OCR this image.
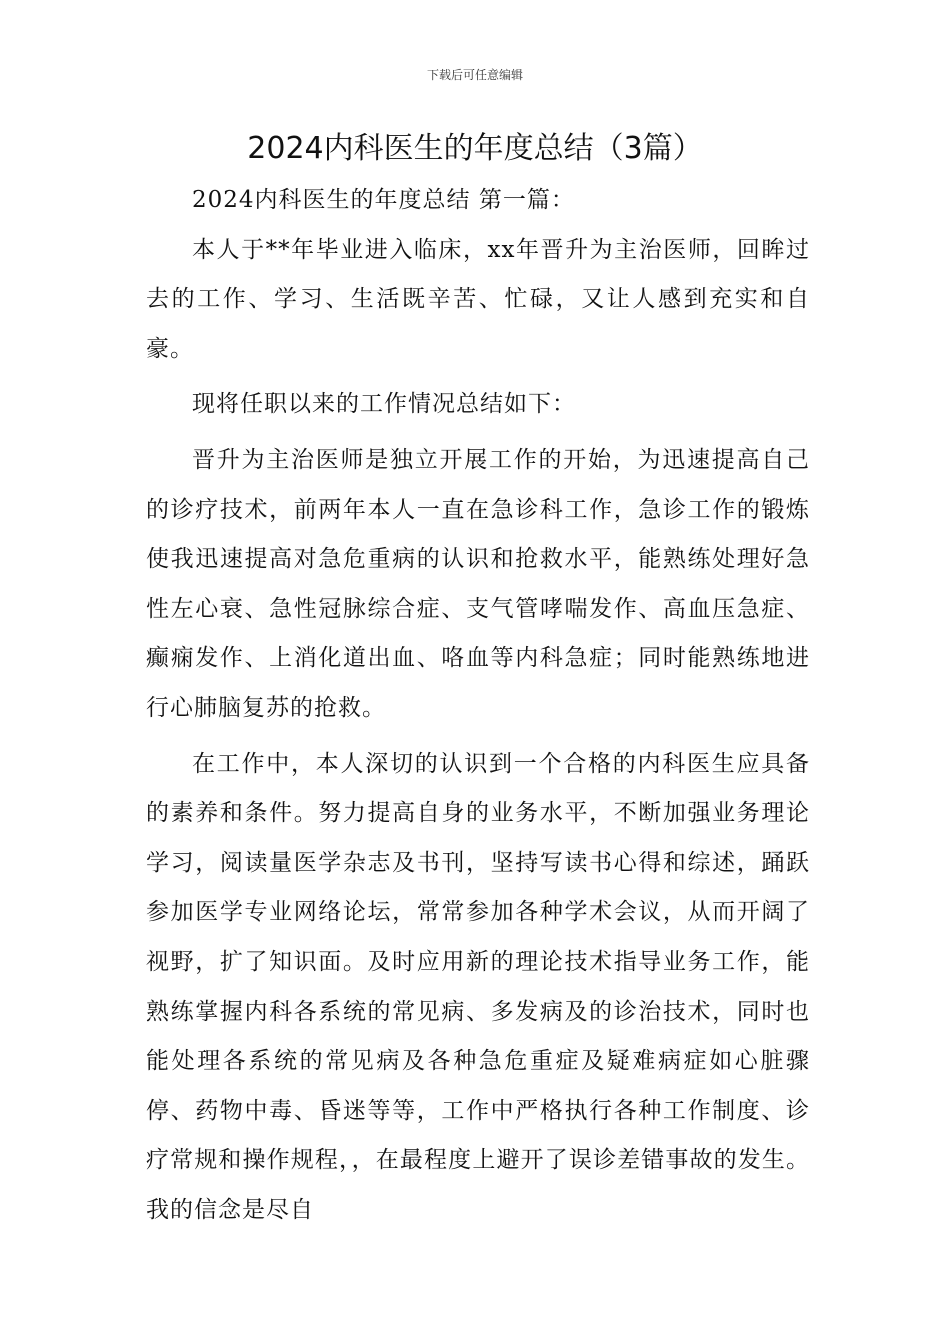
下载后可任意编辑
2024内科医生的年度总结（3篇）

2024内科医生的年度总结 第一篇：

本人于**年毕业进入临床，xx年晋升为主治医师，回眸过去的工作、学习、生活既辛苦、忙碌，又让人感到充实和自豪。

现将任职以来的工作情况总结如下：

晋升为主治医师是独立开展工作的开始，为迅速提高自己的诊疗技术，前两年本人一直在急诊科工作，急诊工作的锻炼使我迅速提高对急危重病的认识和抢救水平，能熟练处理好急性左心衰、急性冠脉综合症、支气管哮喘发作、高血压急症、癫痫发作、上消化道出血、咯血等内科急症；同时能熟练地进行心肺脑复苏的抢救。

在工作中，本人深切的认识到一个合格的内科医生应具备的素养和条件。努力提高自身的业务水平，不断加强业务理论学习，阅读量医学杂志及书刊，坚持写读书心得和综述，踊跃参加医学专业网络论坛，常常参加各种学术会议，从而开阔了视野，扩了知识面。及时应用新的理论技术指导业务工作，能熟练掌握内科各系统的常见病、多发病及的诊治技术，同时也能处理各系统的常见病及各种急危重症及疑难病症如心脏骤停、药物中毒、昏迷等等，工作中严格执行各种工作制度、诊疗常规和操作规程，，在最程度上避开了误诊差错事故的发生。我的信念是尽自
